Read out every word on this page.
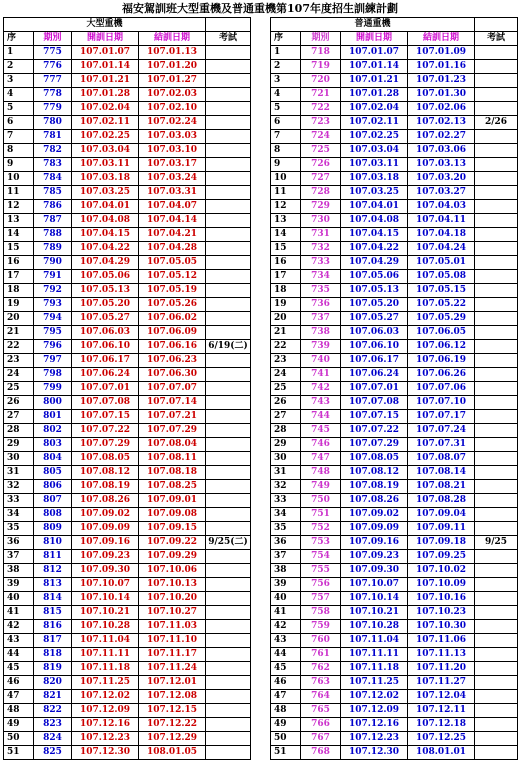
福安駕訓班大型重機及普通重機第107年度招生訓練計劃
大型重機				
序	期別	開訓日期	結訓日期	考試
1	775	107.01.07	107.01.13	
2	776	107.01.14	107.01.20	
3	777	107.01.21	107.01.27	
4	778	107.01.28	107.02.03	
5	779	107.02.04	107.02.10	
6	780	107.02.11	107.02.24	
7	781	107.02.25	107.03.03	
8	782	107.03.04	107.03.10	
9	783	107.03.11	107.03.17	
10	784	107.03.18	107.03.24	
11	785	107.03.25	107.03.31	
12	786	107.04.01	107.04.07	
13	787	107.04.08	107.04.14	
14	788	107.04.15	107.04.21	
15	789	107.04.22	107.04.28	
16	790	107.04.29	107.05.05	
17	791	107.05.06	107.05.12	
18	792	107.05.13	107.05.19	
19	793	107.05.20	107.05.26	
20	794	107.05.27	107.06.02	
21	795	107.06.03	107.06.09	
22	796	107.06.10	107.06.16	6/19(二)
23	797	107.06.17	107.06.23	
24	798	107.06.24	107.06.30	
25	799	107.07.01	107.07.07	
26	800	107.07.08	107.07.14	
27	801	107.07.15	107.07.21	
28	802	107.07.22	107.07.29	
29	803	107.07.29	107.08.04	
30	804	107.08.05	107.08.11	
31	805	107.08.12	107.08.18	
32	806	107.08.19	107.08.25	
33	807	107.08.26	107.09.01	
34	808	107.09.02	107.09.08	
35	809	107.09.09	107.09.15	
36	810	107.09.16	107.09.22	9/25(二)
37	811	107.09.23	107.09.29	
38	812	107.09.30	107.10.06	
39	813	107.10.07	107.10.13	
40	814	107.10.14	107.10.20	
41	815	107.10.21	107.10.27	
42	816	107.10.28	107.11.03	
43	817	107.11.04	107.11.10	
44	818	107.11.11	107.11.17	
45	819	107.11.18	107.11.24	
46	820	107.11.25	107.12.01	
47	821	107.12.02	107.12.08	
48	822	107.12.09	107.12.15	
49	823	107.12.16	107.12.22	
50	824	107.12.23	107.12.29	
51	825	107.12.30	108.01.05	
普通重機				
序	期別	開訓日期	結訓日期	考試
1	718	107.01.07	107.01.09	
2	719	107.01.14	107.01.16	
3	720	107.01.21	107.01.23	
4	721	107.01.28	107.01.30	
5	722	107.02.04	107.02.06	
6	723	107.02.11	107.02.13	2/26
7	724	107.02.25	107.02.27	
8	725	107.03.04	107.03.06	
9	726	107.03.11	107.03.13	
10	727	107.03.18	107.03.20	
11	728	107.03.25	107.03.27	
12	729	107.04.01	107.04.03	
13	730	107.04.08	107.04.11	
14	731	107.04.15	107.04.18	
15	732	107.04.22	107.04.24	
16	733	107.04.29	107.05.01	
17	734	107.05.06	107.05.08	
18	735	107.05.13	107.05.15	
19	736	107.05.20	107.05.22	
20	737	107.05.27	107.05.29	
21	738	107.06.03	107.06.05	
22	739	107.06.10	107.06.12	
23	740	107.06.17	107.06.19	
24	741	107.06.24	107.06.26	
25	742	107.07.01	107.07.06	
26	743	107.07.08	107.07.10	
27	744	107.07.15	107.07.17	
28	745	107.07.22	107.07.24	
29	746	107.07.29	107.07.31	
30	747	107.08.05	107.08.07	
31	748	107.08.12	107.08.14	
32	749	107.08.19	107.08.21	
33	750	107.08.26	107.08.28	
34	751	107.09.02	107.09.04	
35	752	107.09.09	107.09.11	
36	753	107.09.16	107.09.18	9/25
37	754	107.09.23	107.09.25	
38	755	107.09.30	107.10.02	
39	756	107.10.07	107.10.09	
40	757	107.10.14	107.10.16	
41	758	107.10.21	107.10.23	
42	759	107.10.28	107.10.30	
43	760	107.11.04	107.11.06	
44	761	107.11.11	107.11.13	
45	762	107.11.18	107.11.20	
46	763	107.11.25	107.11.27	
47	764	107.12.02	107.12.04	
48	765	107.12.09	107.12.11	
49	766	107.12.16	107.12.18	
50	767	107.12.23	107.12.25	
51	768	107.12.30	108.01.01	
